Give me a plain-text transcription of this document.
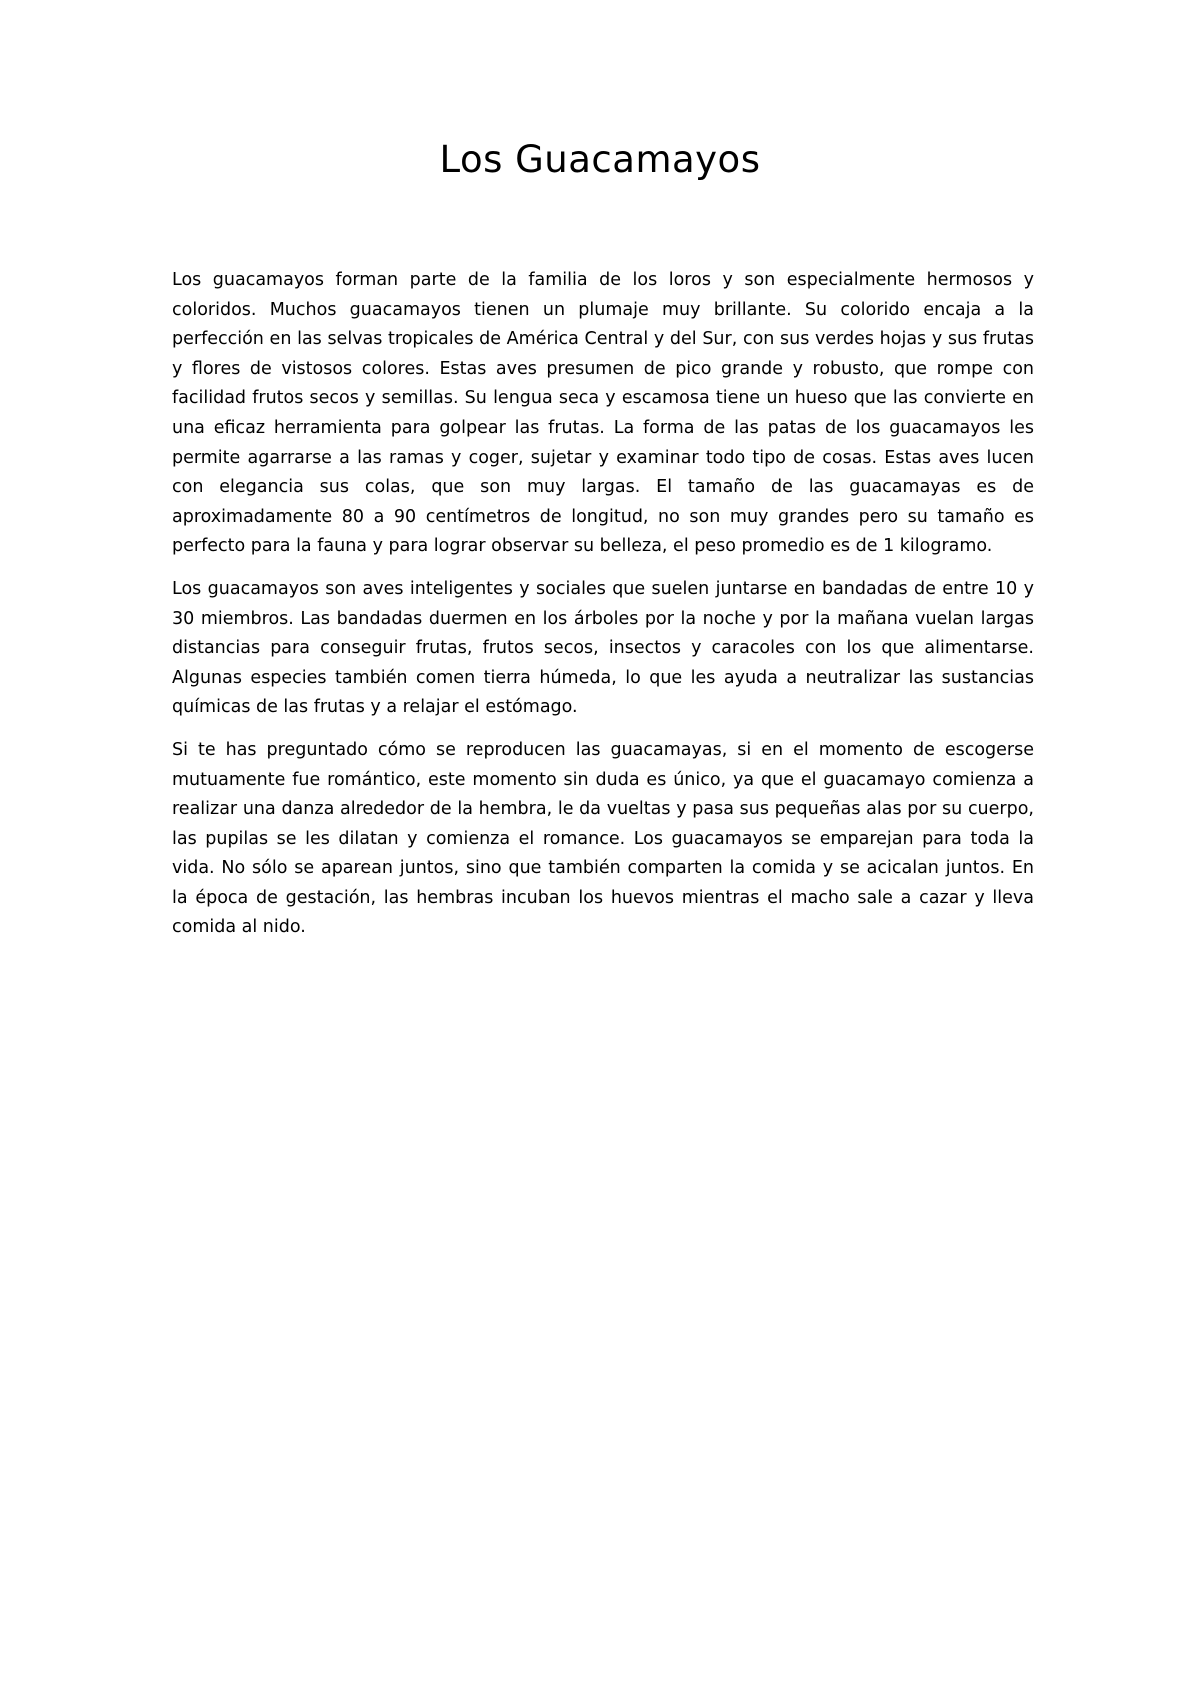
Los Guacamayos

Los guacamayos forman parte de la familia de los loros y son especialmente hermosos y coloridos. Muchos guacamayos tienen un plumaje muy brillante. Su colorido encaja a la perfección en las selvas tropicales de América Central y del Sur, con sus verdes hojas y sus frutas y flores de vistosos colores. Estas aves presumen de pico grande y robusto, que rompe con facilidad frutos secos y semillas. Su lengua seca y escamosa tiene un hueso que las convierte en una eficaz herramienta para golpear las frutas. La forma de las patas de los guacamayos les permite agarrarse a las ramas y coger, sujetar y examinar todo tipo de cosas. Estas aves lucen con elegancia sus colas, que son muy largas. El tamaño de las guacamayas es de aproximadamente 80 a 90 centímetros de longitud, no son muy grandes pero su tamaño es perfecto para la fauna y para lograr observar su belleza, el peso promedio es de 1 kilogramo.

Los guacamayos son aves inteligentes y sociales que suelen juntarse en bandadas de entre 10 y 30 miembros. Las bandadas duermen en los árboles por la noche y por la mañana vuelan largas distancias para conseguir frutas, frutos secos, insectos y caracoles con los que alimentarse. Algunas especies también comen tierra húmeda, lo que les ayuda a neutralizar las sustancias químicas de las frutas y a relajar el estómago.

Si te has preguntado cómo se reproducen las guacamayas, si en el momento de escogerse mutuamente fue romántico, este momento sin duda es único, ya que el guacamayo comienza a realizar una danza alrededor de la hembra, le da vueltas y pasa sus pequeñas alas por su cuerpo, las pupilas se les dilatan y comienza el romance. Los guacamayos se emparejan para toda la vida. No sólo se aparean juntos, sino que también comparten la comida y se acicalan juntos. En la época de gestación, las hembras incuban los huevos mientras el macho sale a cazar y lleva comida al nido.
